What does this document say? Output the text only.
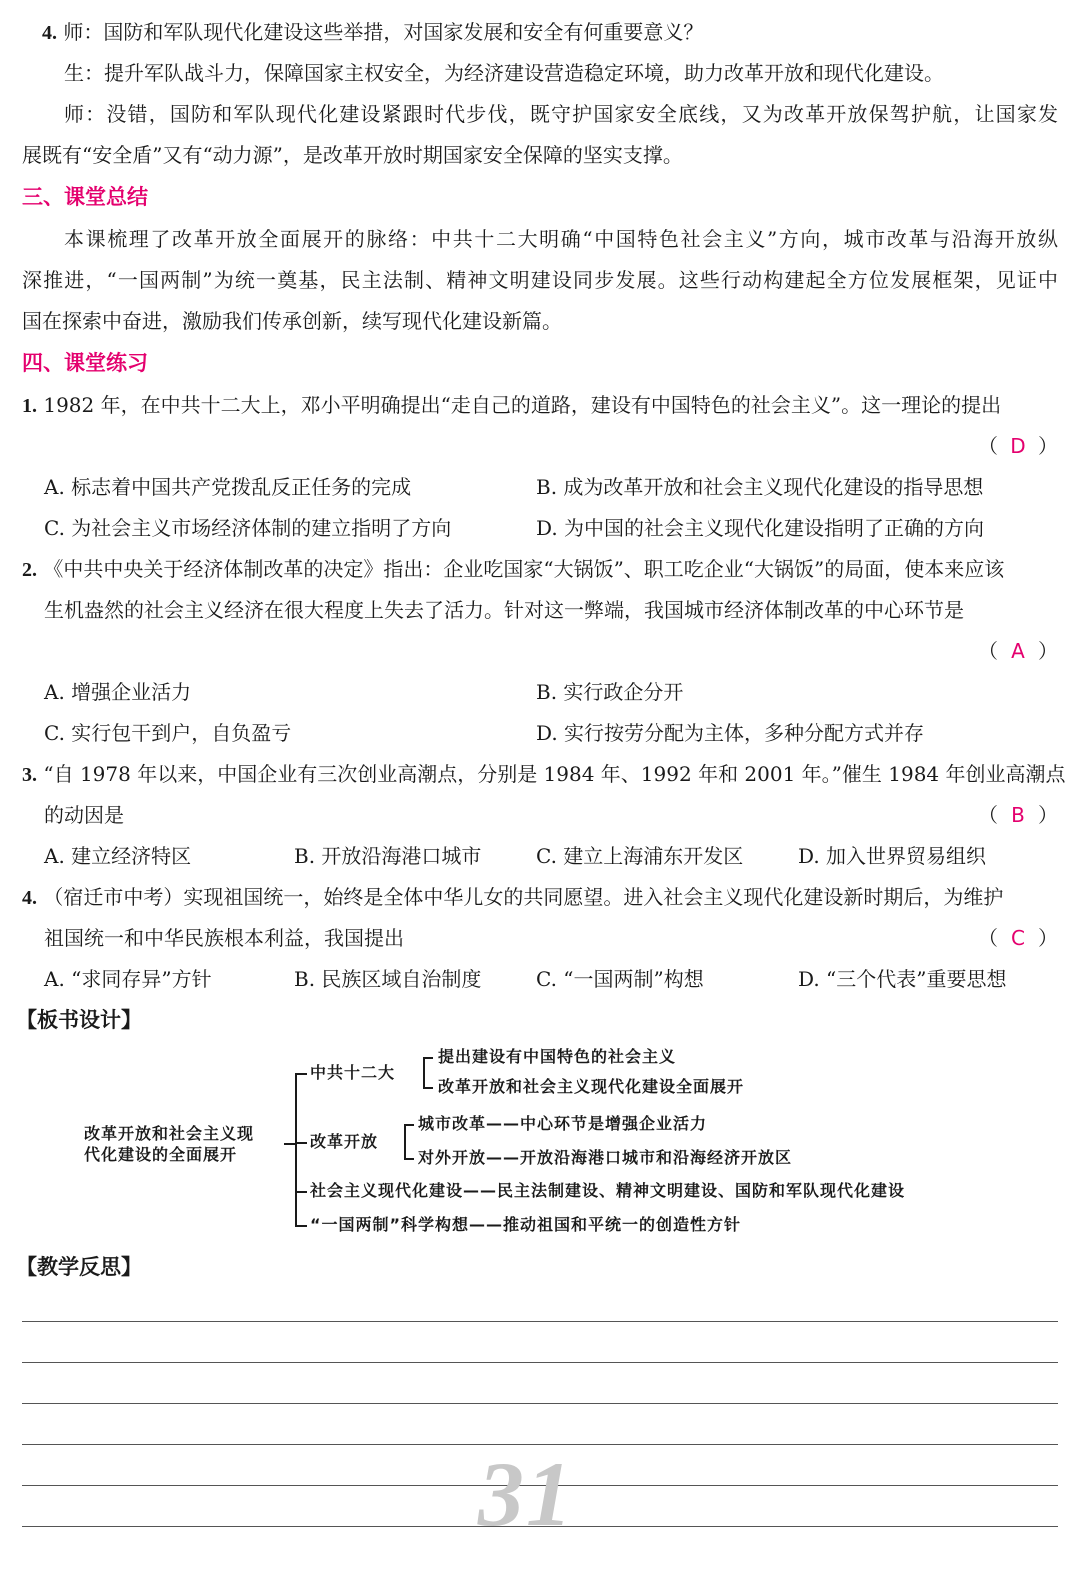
4. 师：国防和军队现代化建设这些举措，对国家发展和安全有何重要意义？
生：提升军队战斗力，保障国家主权安全，为经济建设营造稳定环境，助力改革开放和现代化建设。
师：没错，国防和军队现代化建设紧跟时代步伐，既守护国家安全底线，又为改革开放保驾护航，让国家发
展既有“安全盾”又有“动力源”，是改革开放时期国家安全保障的坚实支撑。
三、课堂总结
本课梳理了改革开放全面展开的脉络：中共十二大明确“中国特色社会主义”方向，城市改革与沿海开放纵
深推进，“一国两制”为统一奠基，民主法制、精神文明建设同步发展。这些行动构建起全方位发展框架，见证中
国在探索中奋进，激励我们传承创新，续写现代化建设新篇。
四、课堂练习
1. 1982 年，在中共十二大上，邓小平明确提出“走自己的道路，建设有中国特色的社会主义”。这一理论的提出
（ D ）
A. 标志着中国共产党拨乱反正任务的完成	B. 成为改革开放和社会主义现代化建设的指导思想
C. 为社会主义市场经济体制的建立指明了方向	D. 为中国的社会主义现代化建设指明了正确的方向
2. 《中共中央关于经济体制改革的决定》指出：企业吃国家“大锅饭”、职工吃企业“大锅饭”的局面，使本来应该
生机盎然的社会主义经济在很大程度上失去了活力。针对这一弊端，我国城市经济体制改革的中心环节是
（ A ）
A. 增强企业活力	B. 实行政企分开
C. 实行包干到户，自负盈亏	D. 实行按劳分配为主体，多种分配方式并存
3. “自 1978 年以来，中国企业有三次创业高潮点，分别是 1984 年、1992 年和 2001 年。”催生 1984 年创业高潮点
的动因是	（ B ）
A. 建立经济特区	B. 开放沿海港口城市	C. 建立上海浦东开发区	D. 加入世界贸易组织
4. （宿迁市中考）实现祖国统一，始终是全体中华儿女的共同愿望。进入社会主义现代化建设新时期后，为维护
祖国统一和中华民族根本利益，我国提出	（ C ）
A. “求同存异”方针	B. 民族区域自治制度	C. “一国两制”构想	D. “三个代表”重要思想
【板书设计】
改革开放和社会主义现
代化建设的全面展开
中共十二大
提出建设有中国特色的社会主义
改革开放和社会主义现代化建设全面展开
改革开放
城市改革——中心环节是增强企业活力
对外开放——开放沿海港口城市和沿海经济开放区
社会主义现代化建设——民主法制建设、精神文明建设、国防和军队现代化建设
“一国两制”科学构想——推动祖国和平统一的创造性方针
【教学反思】
31
